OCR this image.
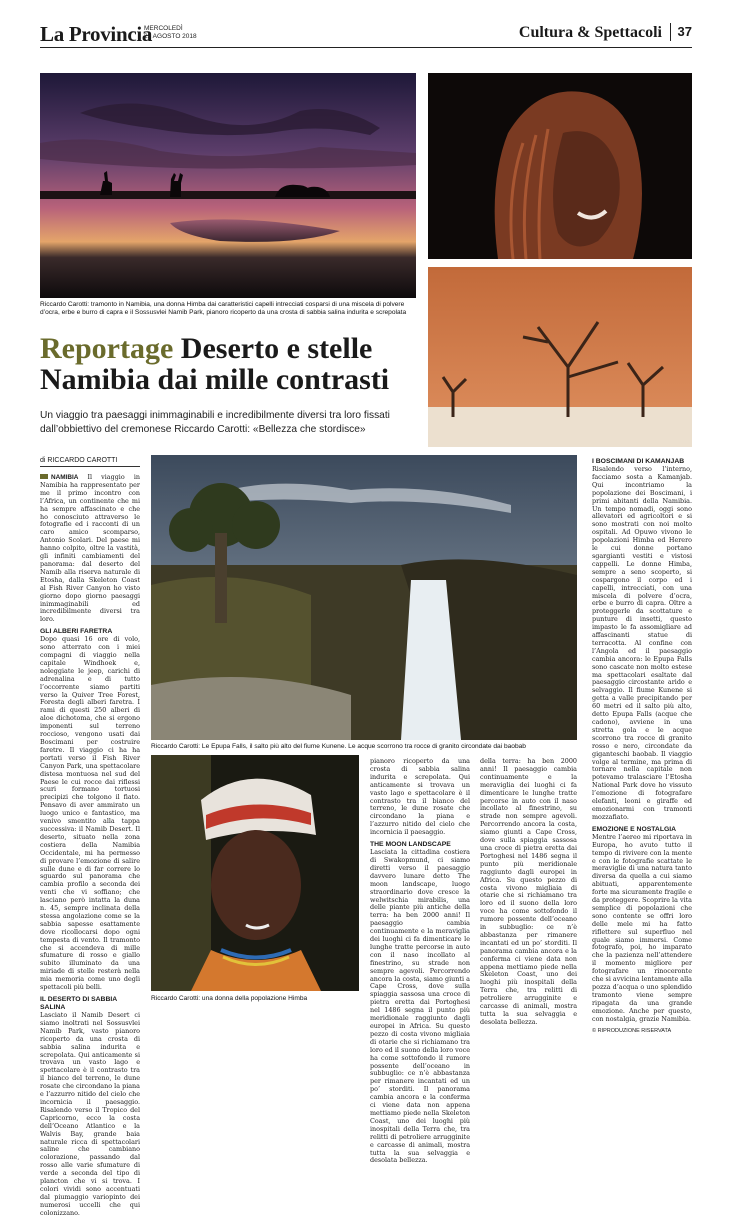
La Provincia
MERCOLEDÌ
22 AGOSTO 2018	Cultura & Spettacoli	37
Riccardo Carotti: tramonto in Namibia, una donna Himba dai caratteristici capelli intrecciati cosparsi di una miscela di polvere d’ocra, erbe e burro di capra e il Sossusvlei Namib Park, pianoro ricoperto da una crosta di sabbia salina indurita e screpolata
Reportage Deserto e stelle
Namibia dai mille contrasti

Un viaggio tra paesaggi inimmaginabili e incredibilmente diversi tra loro fissati dall’obbiettivo del cremonese Riccardo Carotti: «Bellezza che stordisce»

di RICCARDO CAROTTI

NAMIBIA Il viaggio in Namibia ha rappresentato per me il primo incontro con l’Africa, un continente che mi ha sempre affascinato e che ho conosciuto attraverso le fotografie ed i racconti di un caro amico scomparso, Antonio Scolari. Del paese mi hanno colpito, oltre la vastità, gli infiniti cambiamenti del panorama: dal deserto del Namib alla riserva naturale di Etosha, dalla Skeleton Coast al Fish River Canyon ho visto giorno dopo giorno paesaggi inimmaginabili ed incredibilmente diversi tra loro.

GLI ALBERI FARETRA

Dopo quasi 16 ore di volo, sono atterrato con i miei compagni di viaggio nella capitale Windhoek e, noleggiate le jeep, carichi di adrenalina e di tutto l’occorrente siamo partiti verso la Quiver Tree Forest, Foresta degli alberi faretra. I rami di questi 250 alberi di aloe dichotoma, che si ergono imponenti sul terreno roccioso, vengono usati dai Boscimani per costruire faretre. Il viaggio ci ha ha portati verso il Fish River Canyon Park, una spettacolare distesa montuosa nel sud del Paese le cui rocce dai riflessi scuri formano tortuosi precipizi che tolgono il fiato. Pensavo di aver ammirato un luogo unico e fantastico, ma venivo smentito alla tappa successiva: il Namib Desert. Il deserto, situato nella zona costiera della Namibia Occidentale, mi ha permesso di provare l’emozione di salire sulle dune e di far correre lo sguardo sul panorama che cambia profilo a seconda dei venti che vi soffiano; che lasciano però intatta la duna n. 45, sempre inclinata della stessa angolazione come se la sabbia sapesse esattamente dove ricollocarsi dopo ogni tempesta di vento. Il tramonto che si accendeva di mille sfumature di rosso e giallo subito illuminato da una miriade di stelle resterà nella mia memoria come uno degli spettacoli più belli.

IL DESERTO DI SABBIA SALINA

Lasciato il Namib Desert ci siamo inoltrati nel Sossusvlei Namib Park, vasto pianoro ricoperto da una crosta di sabbia salina indurita e screpolata. Qui anticamente si trovava un vasto lago e spettacolare è il contrasto tra il bianco del terreno, le dune rosate che circondano la piana e l’azzurro nitido del cielo che incornicia il paesaggio. Risalendo verso il Tropico del Capricorno, ecco la costa dell’Oceano Atlantico e la Walvis Bay, grande baia naturale ricca di spettacolari saline che cambiano colorazione, passando dal rosso alle varie sfumature di verde a seconda del tipo di plancton che vi si trova. I colori vividi sono accentuati dal piumaggio variopinto dei numerosi uccelli che qui colonizzano.

Riccardo Carotti: Le Epupa Falls, il salto più alto del fiume Kunene. Le acque scorrono tra rocce di granito circondate dai baobab
Riccardo Carotti: una donna della popolazione Himba

pianoro ricoperto da una crosta di sabbia salina indurita e screpolata. Qui anticamente si trovava un vasto lago e spettacolare è il contrasto tra il bianco del terreno, le dune rosate che circondano la piana e l’azzurro nitido del cielo che incornicia il paesaggio.

THE MOON LANDSCAPE

Lasciata la cittadina costiera di Swakopmund, ci siamo diretti verso il paesaggio davvero lunare detto The moon landscape, luogo straordinario dove cresce la welwitschia mirabilis, una delle piante più antiche della terra: ha ben 2000 anni! Il paesaggio cambia continuamente e la meraviglia dei luoghi ci fa dimenticare le lunghe tratte percorse in auto con il naso incollato al finestrino, su strade non sempre agevoli. Percorrendo ancora la costa, siamo giunti a Cape Cross, dove sulla spiaggia sassosa una croce di pietra eretta dai Portoghesi nel 1486 segna il punto più meridionale raggiunto dagli europei in Africa. Su questo pezzo di costa vivono migliaia di otarie che si richiamano tra loro ed il suono della loro voce ha come sottofondo il rumore possente dell’oceano in subbuglio: ce n’è abbastanza per rimanere incantati ed un po’ storditi. Il panorama cambia ancora e la conferma ci viene data non appena mettiamo piede nella Skeleton Coast, uno dei luoghi più inospitali della Terra che, tra relitti di petroliere arrugginite e carcasse di animali, mostra tutta la sua selvaggia e desolata bellezza.

della terra: ha ben 2000 anni! Il paesaggio cambia continuamente e la meraviglia dei luoghi ci fa dimenticare le lunghe tratte percorse in auto con il naso incollato al finestrino, su strade non sempre agevoli. Percorrendo ancora la costa, siamo giunti a Cape Cross, dove sulla spiaggia sassosa una croce di pietra eretta dai Portoghesi nel 1486 segna il punto più meridionale raggiunto dagli europei in Africa. Su questo pezzo di costa vivono migliaia di otarie che si richiamano tra loro ed il suono della loro voce ha come sottofondo il rumore possente dell’oceano in subbuglio: ce n’è abbastanza per rimanere incantati ed un po’ storditi. Il panorama cambia ancora e la conferma ci viene data non appena mettiamo piede nella Skeleton Coast, uno dei luoghi più inospitali della Terra che, tra relitti di petroliere arrugginite e carcasse di animali, mostra tutta la sua selvaggia e desolata bellezza.

I BOSCIMANI DI KAMANJAB

Risalendo verso l’interno, facciamo sosta a Kamanjab. Qui incontriamo la popolazione dei Boscimani, i primi abitanti della Namibia. Un tempo nomadi, oggi sono allevatori ed agricoltori e si sono mostrati con noi molto ospitali. Ad Opuwo vivono le popolazioni Himba ed Herero le cui donne portano sgargianti vestiti e vistosi cappelli. Le donne Himba, sempre a seno scoperto, si cospargono il corpo ed i capelli, intrecciati, con una miscela di polvere d’ocra, erbe e burro di capra. Oltre a proteggerle da scottature e punture di insetti, questo impasto le fa assomigliare ad affascinanti statue di terracotta. Al confine con l’Angola ed il paesaggio cambia ancora: le Epupa Falls sono cascate non molto estese ma spettacolari esaltate dal paesaggio circostante arido e selvaggio. Il fiume Kunene si getta a valle precipitando per 60 metri ed il salto più alto, detto Epupa Falls (acque che cadono), avviene in una stretta gola e le acque scorrono tra rocce di granito rosso e nero, circondate da giganteschi baobab. Il viaggio volge al termine, ma prima di tornare nella capitale non potevamo tralasciare l’Etosha National Park dove ho vissuto l’emozione di fotografare elefanti, leoni e giraffe ed emozionarmi con tramonti mozzafiato.

EMOZIONE E NOSTALGIA

Mentre l’aereo mi riportava in Europa, ho avuto tutto il tempo di rivivere con la mente e con le fotografie scattate le meraviglie di una natura tanto diversa da quella a cui siamo abituati, apparentemente forte ma sicuramente fragile e da proteggere. Scoprire la vita semplice di popolazioni che sono contente se offri loro delle mele mi ha fatto riflettere sul superfluo nel quale siamo immersi. Come fotografo, poi, ho imparato che la pazienza nell’attendere il momento migliore per fotografare un rinoceronte che si avvicina lentamente alla pozza d’acqua o uno splendido tramonto viene sempre ripagata da una grande emozione. Anche per questo, con nostalgia, grazie Namibia.

© RIPRODUZIONE RISERVATA
